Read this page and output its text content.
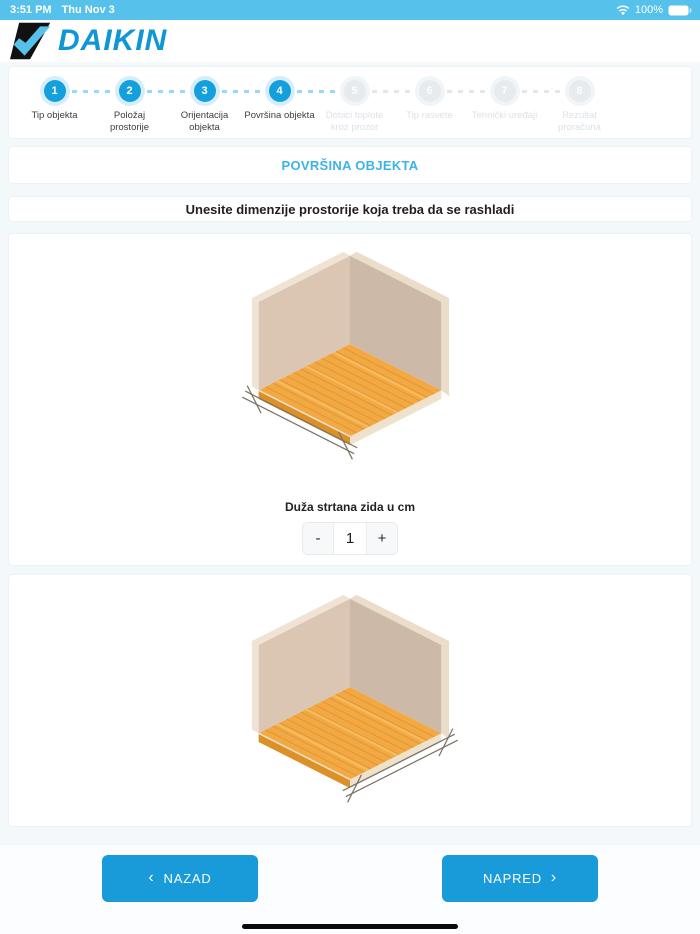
3:51 PM Thu Nov 3	100%
DAIKIN
1
Tip objekta
2
Položaj prostorije
3
Orijentacija objekta
4
Površina objekta
5
Dobici toplote kroz prozor
6
Tip rasvete
7
Tehnički uređaji
8
Rezultat proračuna
POVRŠINA OBJEKTA

Unesite dimenzije prostorije koja treba da se rashladi

Duža strtana zida u cm
-	1	+
‹ NAZAD	NAPRED ›
